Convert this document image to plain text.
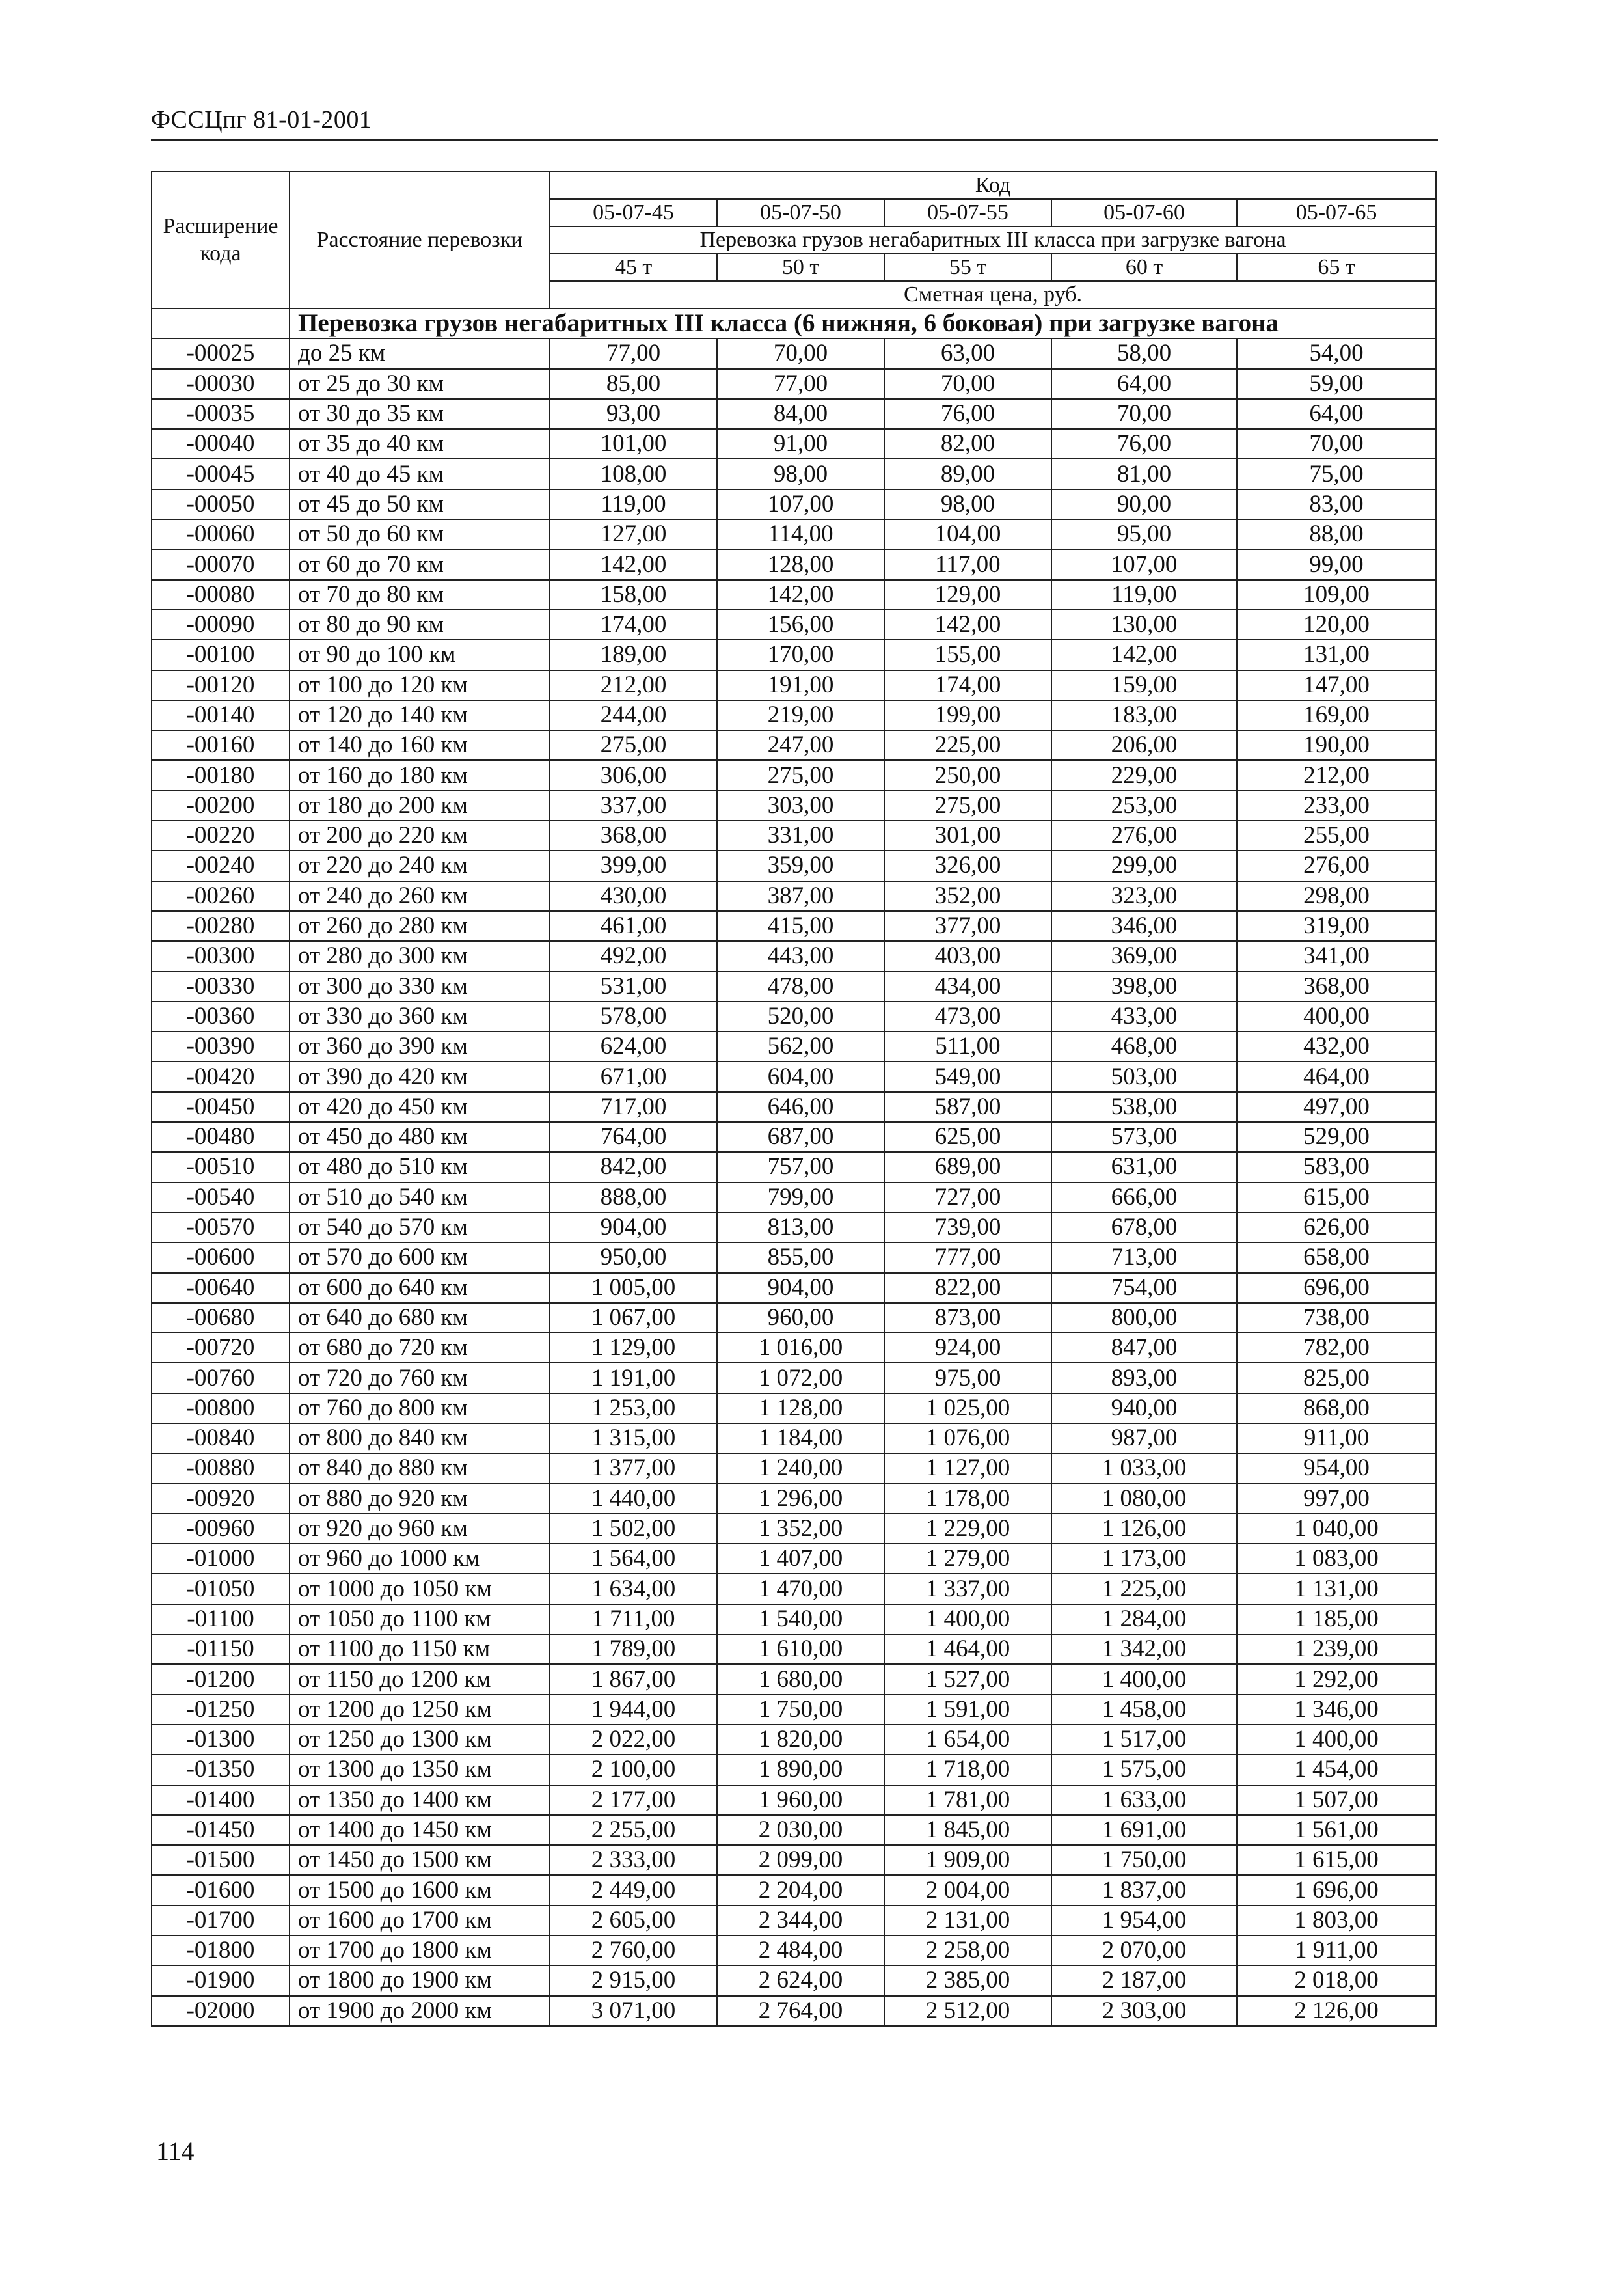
ФССЦпг 81-01-2001
Расширение кода	Расстояние перевозки	Код				
		05-07-45	05-07-50	05-07-55	05-07-60	05-07-65
		Перевозка грузов негабаритных III класса при загрузке вагона				
		45 т	50 т	55 т	60 т	65 т
		Сметная цена, руб.				
	Перевозка грузов негабаритных III класса (6 нижняя, 6 боковая) при загрузке вагона					
-00025	до 25 км	77,00	70,00	63,00	58,00	54,00
-00030	от 25 до 30 км	85,00	77,00	70,00	64,00	59,00
-00035	от 30 до 35 км	93,00	84,00	76,00	70,00	64,00
-00040	от 35 до 40 км	101,00	91,00	82,00	76,00	70,00
-00045	от 40 до 45 км	108,00	98,00	89,00	81,00	75,00
-00050	от 45 до 50 км	119,00	107,00	98,00	90,00	83,00
-00060	от 50 до 60 км	127,00	114,00	104,00	95,00	88,00
-00070	от 60 до 70 км	142,00	128,00	117,00	107,00	99,00
-00080	от 70 до 80 км	158,00	142,00	129,00	119,00	109,00
-00090	от 80 до 90 км	174,00	156,00	142,00	130,00	120,00
-00100	от 90 до 100 км	189,00	170,00	155,00	142,00	131,00
-00120	от 100 до 120 км	212,00	191,00	174,00	159,00	147,00
-00140	от 120 до 140 км	244,00	219,00	199,00	183,00	169,00
-00160	от 140 до 160 км	275,00	247,00	225,00	206,00	190,00
-00180	от 160 до 180 км	306,00	275,00	250,00	229,00	212,00
-00200	от 180 до 200 км	337,00	303,00	275,00	253,00	233,00
-00220	от 200 до 220 км	368,00	331,00	301,00	276,00	255,00
-00240	от 220 до 240 км	399,00	359,00	326,00	299,00	276,00
-00260	от 240 до 260 км	430,00	387,00	352,00	323,00	298,00
-00280	от 260 до 280 км	461,00	415,00	377,00	346,00	319,00
-00300	от 280 до 300 км	492,00	443,00	403,00	369,00	341,00
-00330	от 300 до 330 км	531,00	478,00	434,00	398,00	368,00
-00360	от 330 до 360 км	578,00	520,00	473,00	433,00	400,00
-00390	от 360 до 390 км	624,00	562,00	511,00	468,00	432,00
-00420	от 390 до 420 км	671,00	604,00	549,00	503,00	464,00
-00450	от 420 до 450 км	717,00	646,00	587,00	538,00	497,00
-00480	от 450 до 480 км	764,00	687,00	625,00	573,00	529,00
-00510	от 480 до 510 км	842,00	757,00	689,00	631,00	583,00
-00540	от 510 до 540 км	888,00	799,00	727,00	666,00	615,00
-00570	от 540 до 570 км	904,00	813,00	739,00	678,00	626,00
-00600	от 570 до 600 км	950,00	855,00	777,00	713,00	658,00
-00640	от 600 до 640 км	1 005,00	904,00	822,00	754,00	696,00
-00680	от 640 до 680 км	1 067,00	960,00	873,00	800,00	738,00
-00720	от 680 до 720 км	1 129,00	1 016,00	924,00	847,00	782,00
-00760	от 720 до 760 км	1 191,00	1 072,00	975,00	893,00	825,00
-00800	от 760 до 800 км	1 253,00	1 128,00	1 025,00	940,00	868,00
-00840	от 800 до 840 км	1 315,00	1 184,00	1 076,00	987,00	911,00
-00880	от 840 до 880 км	1 377,00	1 240,00	1 127,00	1 033,00	954,00
-00920	от 880 до 920 км	1 440,00	1 296,00	1 178,00	1 080,00	997,00
-00960	от 920 до 960 км	1 502,00	1 352,00	1 229,00	1 126,00	1 040,00
-01000	от 960 до 1000 км	1 564,00	1 407,00	1 279,00	1 173,00	1 083,00
-01050	от 1000 до 1050 км	1 634,00	1 470,00	1 337,00	1 225,00	1 131,00
-01100	от 1050 до 1100 км	1 711,00	1 540,00	1 400,00	1 284,00	1 185,00
-01150	от 1100 до 1150 км	1 789,00	1 610,00	1 464,00	1 342,00	1 239,00
-01200	от 1150 до 1200 км	1 867,00	1 680,00	1 527,00	1 400,00	1 292,00
-01250	от 1200 до 1250 км	1 944,00	1 750,00	1 591,00	1 458,00	1 346,00
-01300	от 1250 до 1300 км	2 022,00	1 820,00	1 654,00	1 517,00	1 400,00
-01350	от 1300 до 1350 км	2 100,00	1 890,00	1 718,00	1 575,00	1 454,00
-01400	от 1350 до 1400 км	2 177,00	1 960,00	1 781,00	1 633,00	1 507,00
-01450	от 1400 до 1450 км	2 255,00	2 030,00	1 845,00	1 691,00	1 561,00
-01500	от 1450 до 1500 км	2 333,00	2 099,00	1 909,00	1 750,00	1 615,00
-01600	от 1500 до 1600 км	2 449,00	2 204,00	2 004,00	1 837,00	1 696,00
-01700	от 1600 до 1700 км	2 605,00	2 344,00	2 131,00	1 954,00	1 803,00
-01800	от 1700 до 1800 км	2 760,00	2 484,00	2 258,00	2 070,00	1 911,00
-01900	от 1800 до 1900 км	2 915,00	2 624,00	2 385,00	2 187,00	2 018,00
-02000	от 1900 до 2000 км	3 071,00	2 764,00	2 512,00	2 303,00	2 126,00
114
